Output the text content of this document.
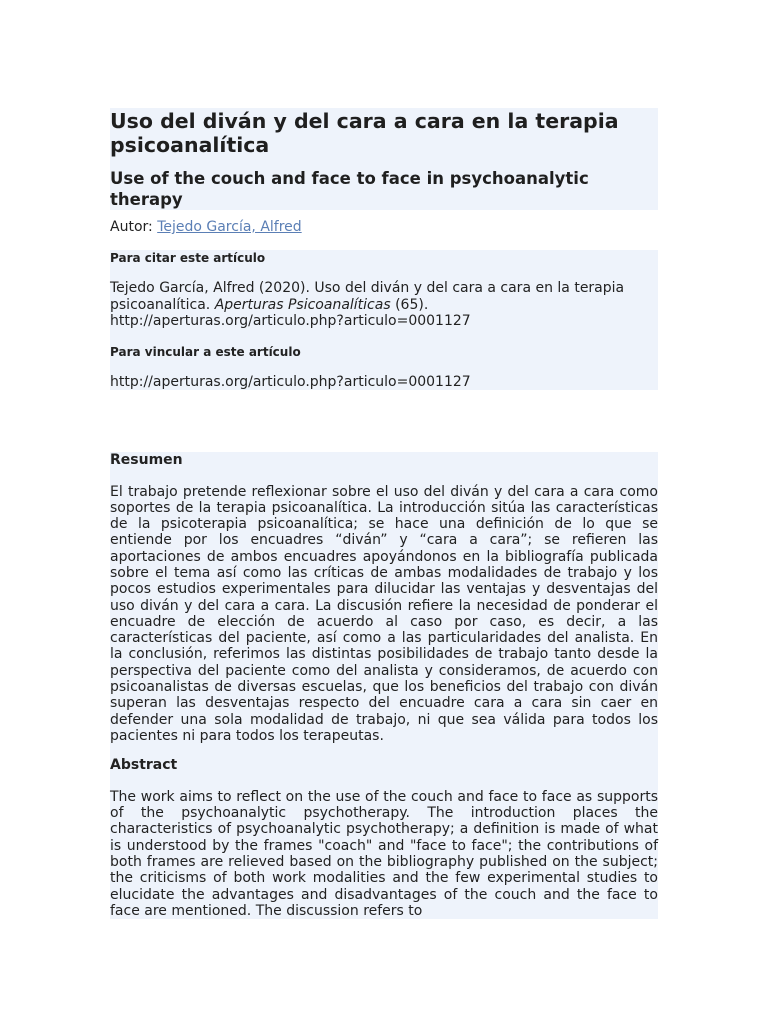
Uso del diván y del cara a cara en la terapia psicoanalítica
Use of the couch and face to face in psychoanalytic therapy

Autor: Tejedo García, Alfred

Para citar este artículo

Tejedo García, Alfred (2020). Uso del diván y del cara a cara en la terapia psicoanalítica. Aperturas Psicoanalíticas (65). http://aperturas.org/articulo.php?articulo=0001127

Para vincular a este artículo

http://aperturas.org/articulo.php?articulo=0001127

Resumen

El trabajo pretende reflexionar sobre el uso del diván y del cara a cara como soportes de la terapia psicoanalítica. La introducción sitúa las características de la psicoterapia psicoanalítica; se hace una definición de lo que se entiende por los encuadres “diván” y “cara a cara”; se refieren las aportaciones de ambos encuadres apoyándonos en la bibliografía publicada sobre el tema así como las críticas de ambas modalidades de trabajo y los pocos estudios experimentales para dilucidar las ventajas y desventajas del uso diván y del cara a cara. La discusión refiere la necesidad de ponderar el encuadre de elección de acuerdo al caso por caso, es decir, a las características del paciente, así como a las particularidades del analista. En la conclusión, referimos las distintas posibilidades de trabajo tanto desde la perspectiva del paciente como del analista y consideramos, de acuerdo con psicoanalistas de diversas escuelas, que los beneficios del trabajo con diván superan las desventajas respecto del encuadre cara a cara sin caer en defender una sola modalidad de trabajo, ni que sea válida para todos los pacientes ni para todos los terapeutas.

Abstract

The work aims to reflect on the use of the couch and face to face as supports of the psychoanalytic psychotherapy. The introduction places the characteristics of psychoanalytic psychotherapy; a definition is made of what is understood by the frames "coach" and "face to face"; the contributions of both frames are relieved based on the bibliography published on the subject; the criticisms of both work modalities and the few experimental studies to elucidate the advantages and disadvantages of the couch and the face to face are mentioned. The discussion refers to
